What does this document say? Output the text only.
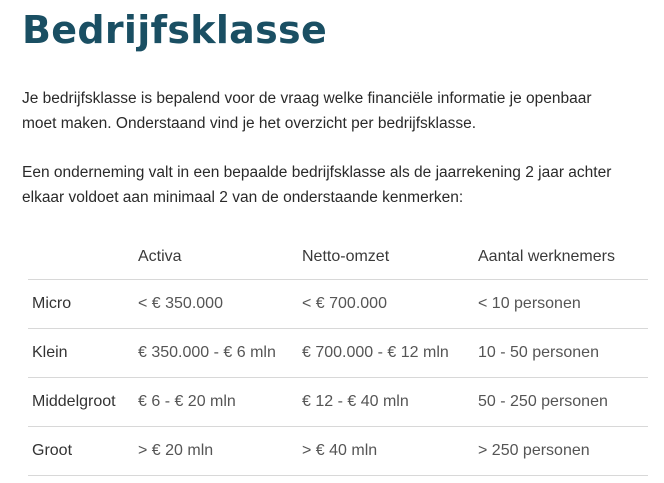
Bedrijfsklasse

Je bedrijfsklasse is bepalend voor de vraag welke financiële informatie je openbaar moet maken. Onderstaand vind je het overzicht per bedrijfsklasse.

Een onderneming valt in een bepaalde bedrijfsklasse als de jaarrekening 2 jaar achter elkaar voldoet aan minimaal 2 van de onderstaande kenmerken:

	Activa	Netto-omzet	Aantal werknemers
Micro	< € 350.000	< € 700.000	< 10 personen
Klein	€ 350.000 - € 6 mln	€ 700.000 - € 12 mln	10 - 50 personen
Middelgroot	€ 6 - € 20 mln	€ 12 - € 40 mln	50 - 250 personen
Groot	> € 20 mln	> € 40 mln	> 250 personen
